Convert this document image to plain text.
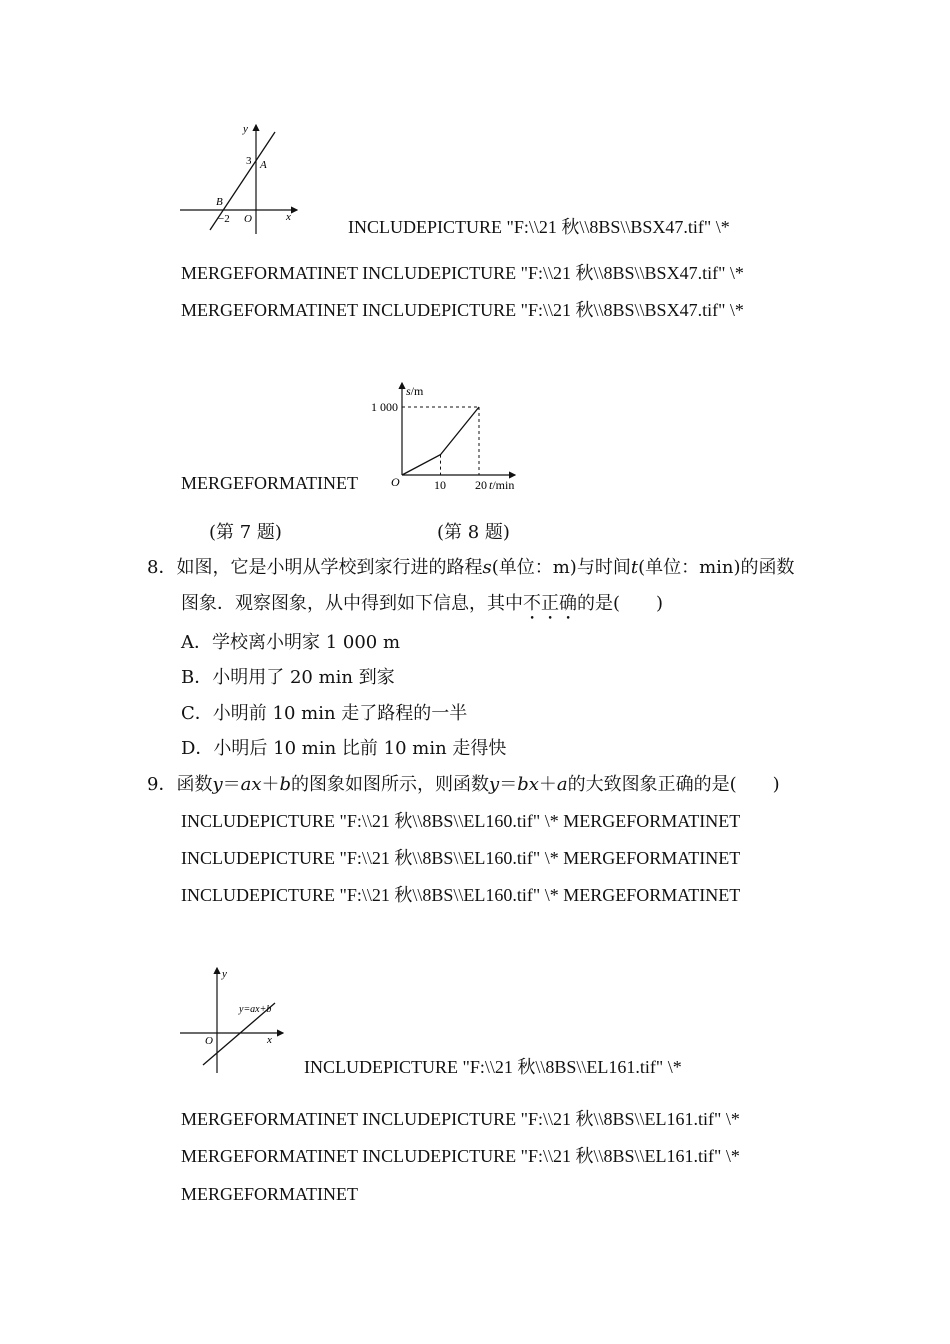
y
x
3 A
B
−2 O	INCLUDEPICTURE "F:\\21 秋\\8BS\\BSX47.tif" \*
MERGEFORMATINET INCLUDEPICTURE "F:\\21 秋\\8BS\\BSX47.tif" \*
MERGEFORMATINET INCLUDEPICTURE "F:\\21 秋\\8BS\\BSX47.tif" \*
s/m
1 000
O	10 20 t/min
MERGEFORMATINET
(第 7 题)	(第 8 题)
8．如图，它是小明从学校到家行进的路程s(单位：m)与时间t(单位：min)的函数
图象．观察图象，从中得到如下信息，其中不正确的是(　　)
A．学校离小明家 1 000 m
B．小明用了 20 min 到家
C．小明前 10 min 走了路程的一半
D．小明后 10 min 比前 10 min 走得快
9．函数y＝ax＋b的图象如图所示，则函数y＝bx＋a的大致图象正确的是(　　)
INCLUDEPICTURE "F:\\21 秋\\8BS\\EL160.tif" \* MERGEFORMATINET
INCLUDEPICTURE "F:\\21 秋\\8BS\\EL160.tif" \* MERGEFORMATINET
INCLUDEPICTURE "F:\\21 秋\\8BS\\EL160.tif" \* MERGEFORMATINET
y
x
O
y=ax+b
INCLUDEPICTURE "F:\\21 秋\\8BS\\EL161.tif" \*
MERGEFORMATINET INCLUDEPICTURE "F:\\21 秋\\8BS\\EL161.tif" \*
MERGEFORMATINET INCLUDEPICTURE "F:\\21 秋\\8BS\\EL161.tif" \*
MERGEFORMATINET
